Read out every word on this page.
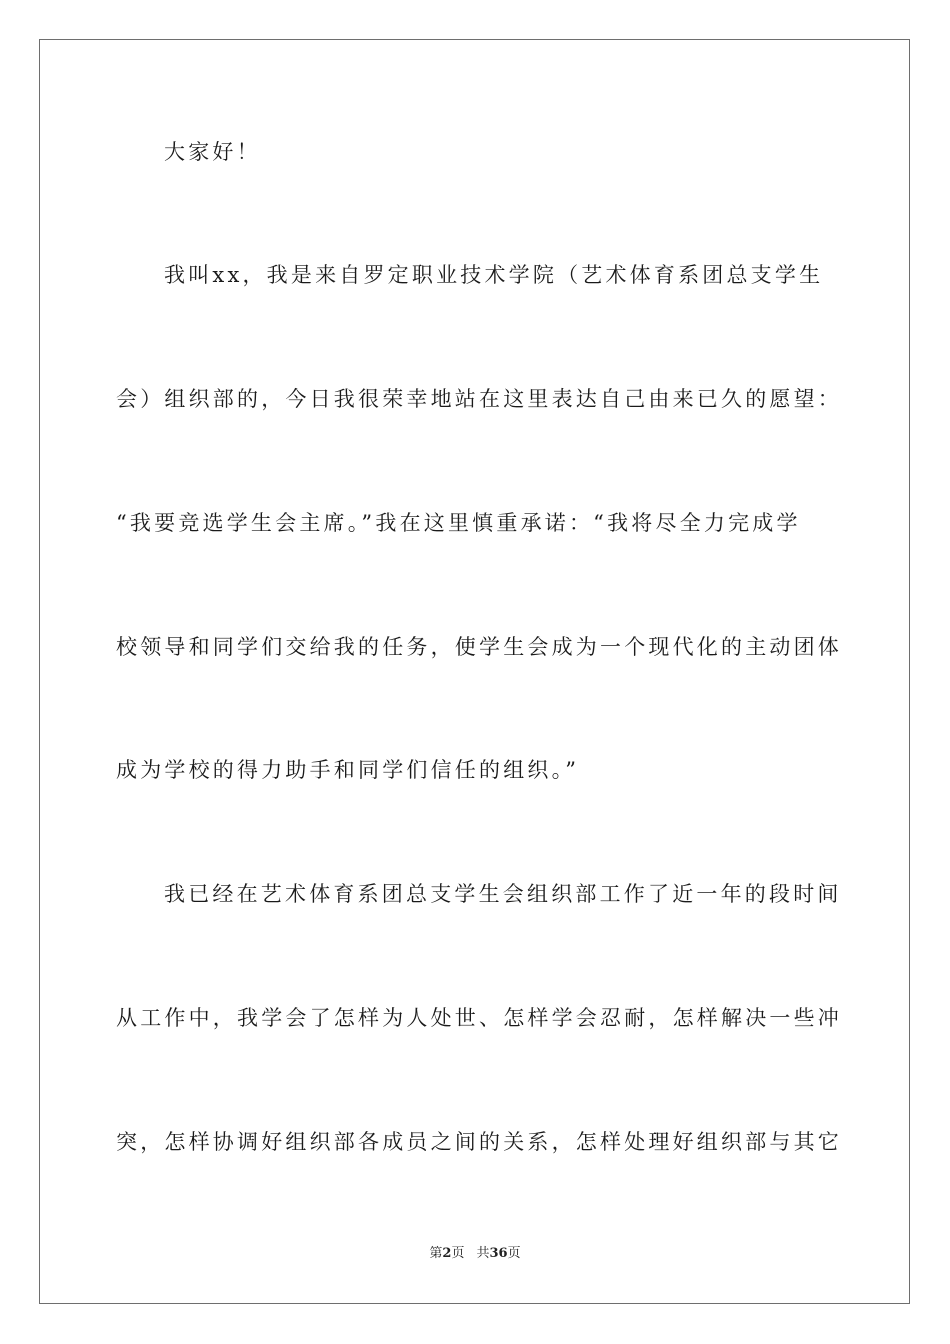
大家好！
我叫xx，我是来自罗定职业技术学院（艺术体育系团总支学生
会）组织部的，今日我很荣幸地站在这里表达自己由来已久的愿望：
“我要竞选学生会主席。”我在这里慎重承诺：“我将尽全力完成学
校领导和同学们交给我的任务，使学生会成为一个现代化的主动团体
成为学校的得力助手和同学们信任的组织。”
我已经在艺术体育系团总支学生会组织部工作了近一年的段时间
从工作中，我学会了怎样为人处世、怎样学会忍耐，怎样解决一些冲
突，怎样协调好组织部各成员之间的关系，怎样处理好组织部与其它
第2页 共36页
